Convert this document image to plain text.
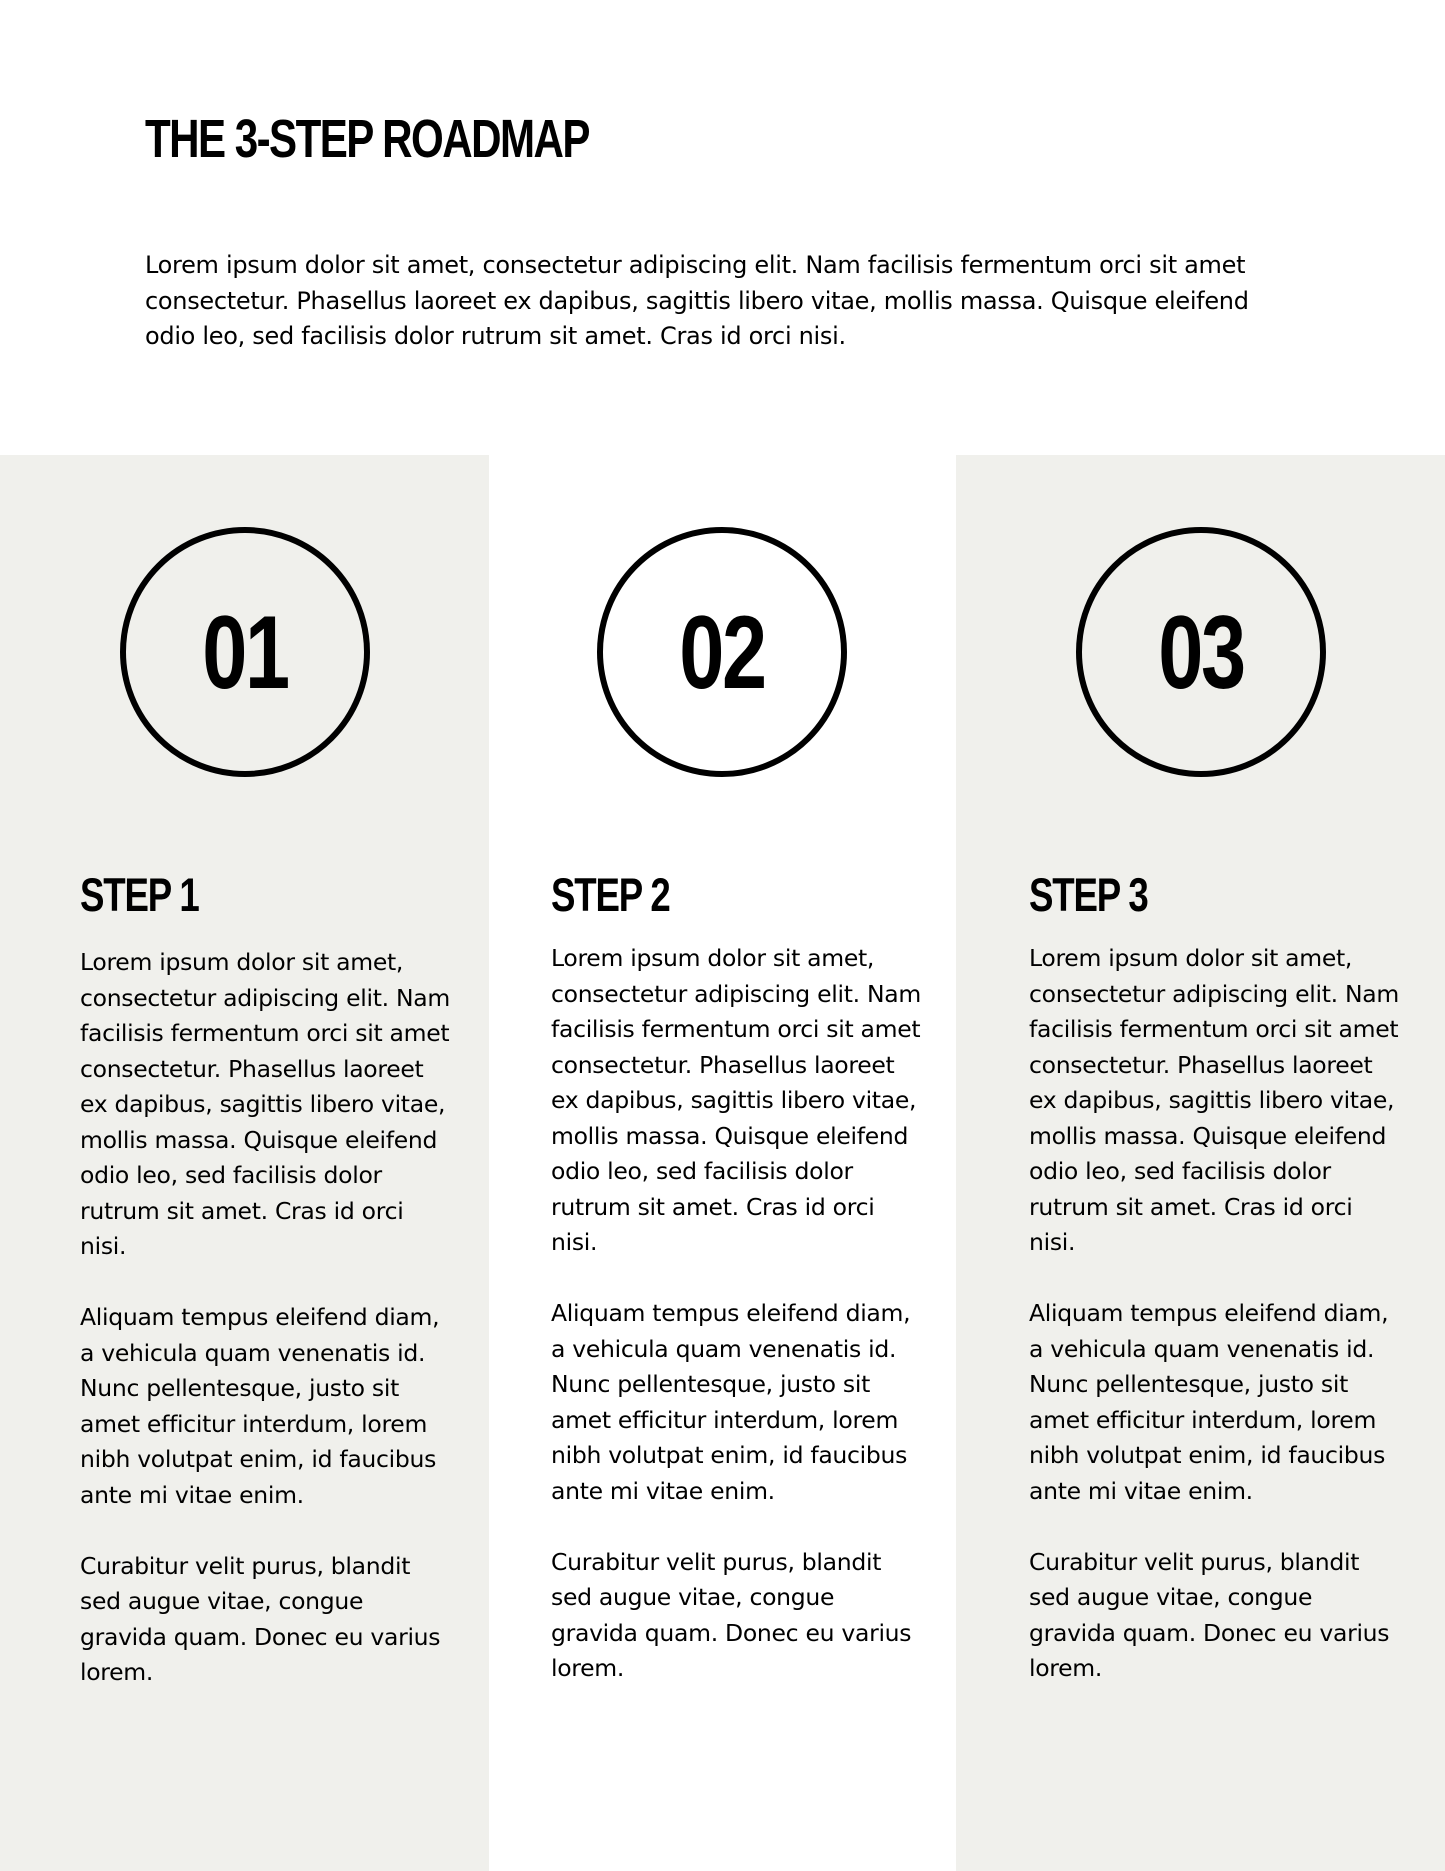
THE 3-STEP ROADMAP

Lorem ipsum dolor sit amet, consectetur adipiscing elit. Nam facilisis fermentum orci sit amet consectetur. Phasellus laoreet ex dapibus, sagittis libero vitae, mollis massa. Quisque eleifend odio leo, sed facilisis dolor rutrum sit amet. Cras id orci nisi.

01
STEP 1

Lorem ipsum dolor sit amet, consectetur adipiscing elit. Nam facilisis fermentum orci sit amet consectetur. Phasellus laoreet ex dapibus, sagittis libero vitae, mollis massa. Quisque eleifend odio leo, sed facilisis dolor rutrum sit amet. Cras id orci nisi.

Aliquam tempus eleifend diam, a vehicula quam venenatis id. Nunc pellentesque, justo sit amet efficitur interdum, lorem nibh volutpat enim, id faucibus ante mi vitae enim.

Curabitur velit purus, blandit sed augue vitae, congue gravida quam. Donec eu varius lorem.

02
STEP 2

Lorem ipsum dolor sit amet, consectetur adipiscing elit. Nam facilisis fermentum orci sit amet consectetur. Phasellus laoreet ex dapibus, sagittis libero vitae, mollis massa. Quisque eleifend odio leo, sed facilisis dolor rutrum sit amet. Cras id orci nisi.

Aliquam tempus eleifend diam, a vehicula quam venenatis id. Nunc pellentesque, justo sit amet efficitur interdum, lorem nibh volutpat enim, id faucibus ante mi vitae enim.

Curabitur velit purus, blandit sed augue vitae, congue gravida quam. Donec eu varius lorem.

03
STEP 3

Lorem ipsum dolor sit amet, consectetur adipiscing elit. Nam facilisis fermentum orci sit amet consectetur. Phasellus laoreet ex dapibus, sagittis libero vitae, mollis massa. Quisque eleifend odio leo, sed facilisis dolor rutrum sit amet. Cras id orci nisi.

Aliquam tempus eleifend diam, a vehicula quam venenatis id. Nunc pellentesque, justo sit amet efficitur interdum, lorem nibh volutpat enim, id faucibus ante mi vitae enim.

Curabitur velit purus, blandit sed augue vitae, congue gravida quam. Donec eu varius lorem.
